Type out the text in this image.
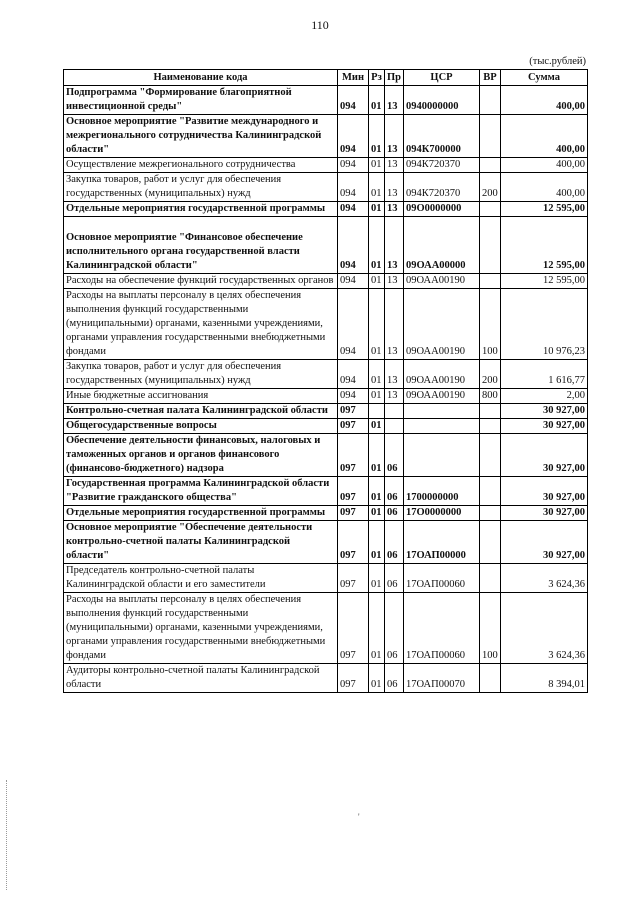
110
(тыс.рублей)
Наименование кода	Мин	Рз	Пр	ЦСР	ВР	Сумма
Подпрограмма "Формирование благоприятной инвестиционной среды"	094	01	13	0940000000		400,00
Основное мероприятие "Развитие международного и межрегионального сотрудничества Калининградской области"	094	01	13	094К700000		400,00
Осуществление межрегионального сотрудничества	094	01	13	094К720370		400,00
Закупка товаров, работ и услуг для обеспечения государственных (муниципальных) нужд	094	01	13	094К720370	200	400,00
Отдельные мероприятия государственной программы	094	01	13	09О0000000		12 595,00
Основное мероприятие "Финансовое обеспечение исполнительного органа государственной власти Калининградской области"	094	01	13	09ОАА00000		12 595,00
Расходы на обеспечение функций государственных органов	094	01	13	09ОАА00190		12 595,00
Расходы на выплаты персоналу в целях обеспечения выполнения функций государственными (муниципальными) органами, казенными учреждениями, органами управления государственными внебюджетными фондами	094	01	13	09ОАА00190	100	10 976,23
Закупка товаров, работ и услуг для обеспечения государственных (муниципальных) нужд	094	01	13	09ОАА00190	200	1 616,77
Иные бюджетные ассигнования	094	01	13	09ОАА00190	800	2,00
Контрольно-счетная палата Калининградской области	097					30 927,00
Общегосударственные вопросы	097	01				30 927,00
Обеспечение деятельности финансовых, налоговых и таможенных органов и органов финансового (финансово-бюджетного) надзора	097	01	06			30 927,00
Государственная программа Калининградской области "Развитие гражданского общества"	097	01	06	1700000000		30 927,00
Отдельные мероприятия государственной программы	097	01	06	17О0000000		30 927,00
Основное мероприятие "Обеспечение деятельности контрольно-счетной палаты Калининградской области"	097	01	06	17ОАП00000		30 927,00
Председатель контрольно-счетной палаты Калининградской области и его заместители	097	01	06	17ОАП00060		3 624,36
Расходы на выплаты персоналу в целях обеспечения выполнения функций государственными (муниципальными) органами, казенными учреждениями, органами управления государственными внебюджетными фондами	097	01	06	17ОАП00060	100	3 624,36
Аудиторы контрольно-счетной палаты Калининградской области	097	01	06	17ОАП00070		8 394,01
'
